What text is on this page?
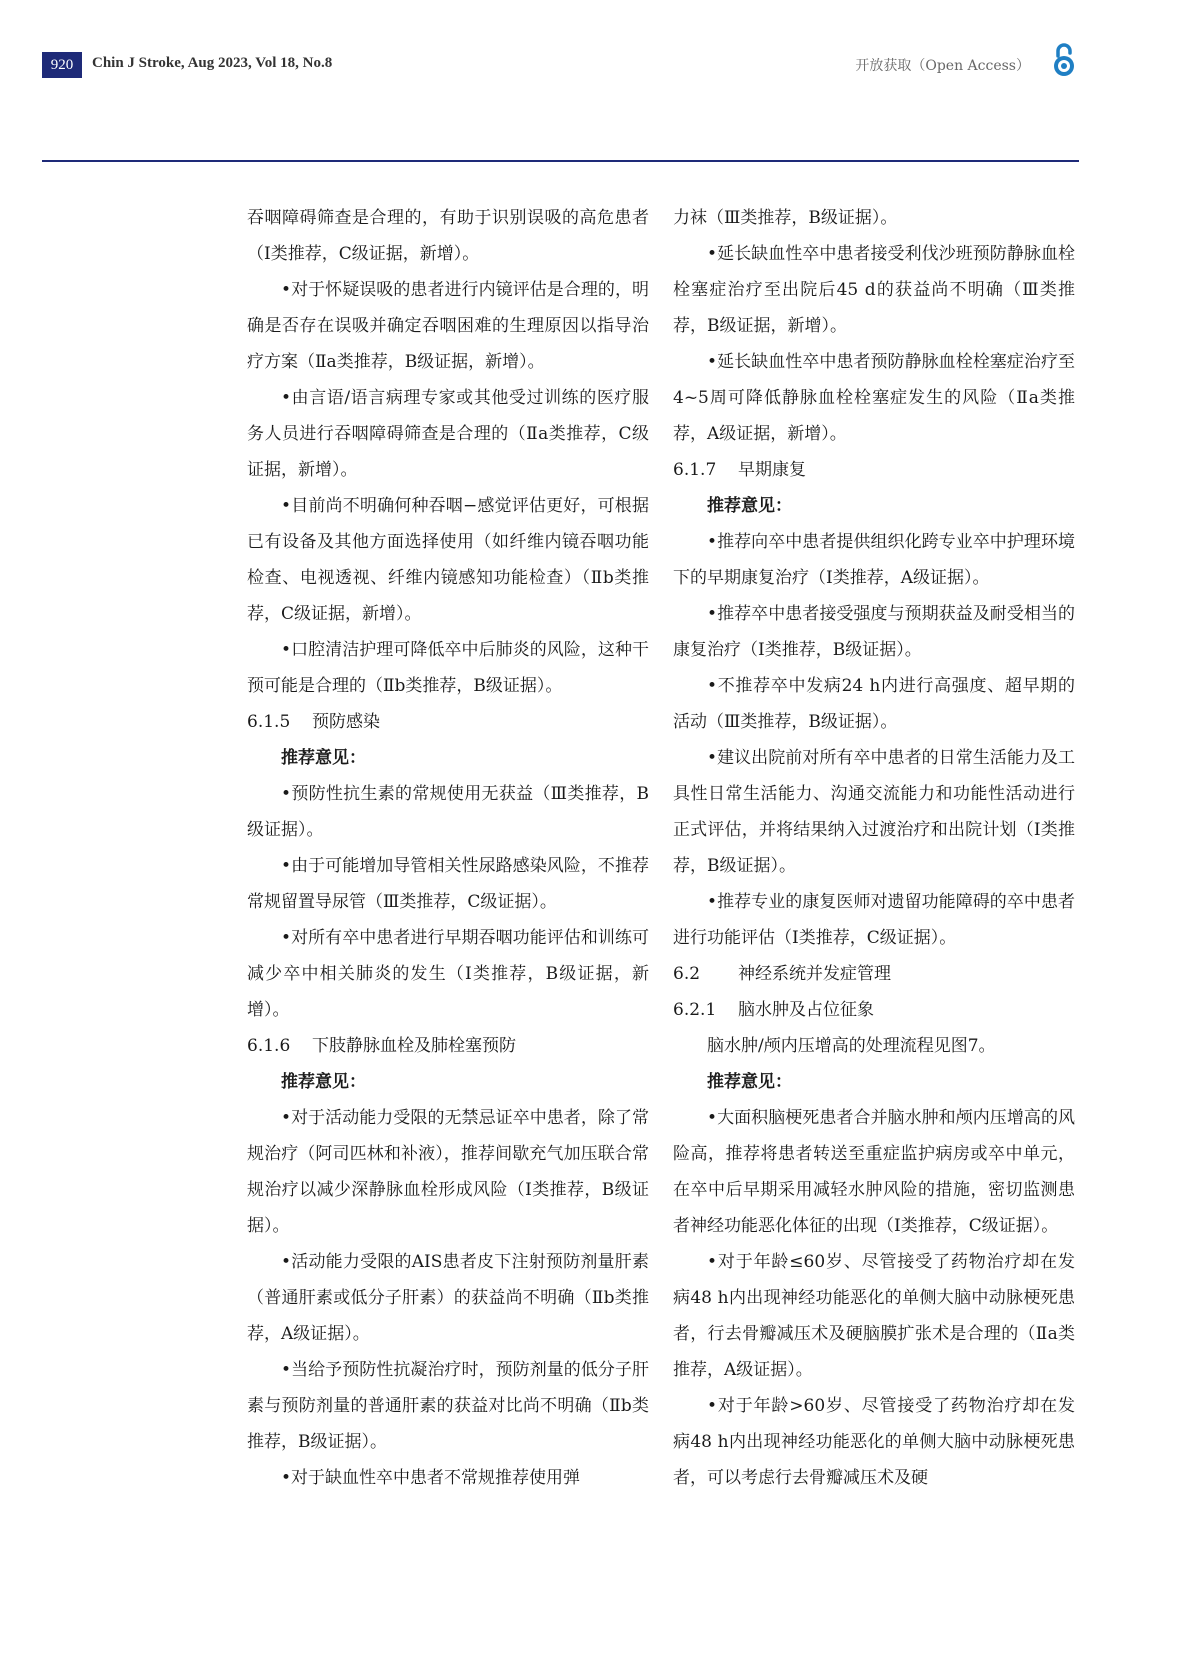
920	Chin J Stroke, Aug 2023, Vol 18, No.8	开放获取（Open Access）

吞咽障碍筛查是合理的，有助于识别误吸的高危患者（Ⅰ类推荐，C级证据，新增）。

•对于怀疑误吸的患者进行内镜评估是合理的，明确是否存在误吸并确定吞咽困难的生理原因以指导治疗方案（Ⅱa类推荐，B级证据，新增）。

•由言语/语言病理专家或其他受过训练的医疗服务人员进行吞咽障碍筛查是合理的（Ⅱa类推荐，C级证据，新增）。

•目前尚不明确何种吞咽−感觉评估更好，可根据已有设备及其他方面选择使用（如纤维内镜吞咽功能检查、电视透视、纤维内镜感知功能检查）（Ⅱb类推荐，C级证据，新增）。

•口腔清洁护理可降低卒中后肺炎的风险，这种干预可能是合理的（Ⅱb类推荐，B级证据）。

6.1.5 预防感染

推荐意见：

•预防性抗生素的常规使用无获益（Ⅲ类推荐，B级证据）。

•由于可能增加导管相关性尿路感染风险，不推荐常规留置导尿管（Ⅲ类推荐，C级证据）。

•对所有卒中患者进行早期吞咽功能评估和训练可减少卒中相关肺炎的发生（Ⅰ类推荐，B级证据，新增）。

6.1.6 下肢静脉血栓及肺栓塞预防

推荐意见：

•对于活动能力受限的无禁忌证卒中患者，除了常规治疗（阿司匹林和补液），推荐间歇充气加压联合常规治疗以减少深静脉血栓形成风险（Ⅰ类推荐，B级证据）。

•活动能力受限的AIS患者皮下注射预防剂量肝素（普通肝素或低分子肝素）的获益尚不明确（Ⅱb类推荐，A级证据）。

•当给予预防性抗凝治疗时，预防剂量的低分子肝素与预防剂量的普通肝素的获益对比尚不明确（Ⅱb类推荐，B级证据）。

•对于缺血性卒中患者不常规推荐使用弹

力袜（Ⅲ类推荐，B级证据）。

•延长缺血性卒中患者接受利伐沙班预防静脉血栓栓塞症治疗至出院后45 d的获益尚不明确（Ⅲ类推荐，B级证据，新增）。

•延长缺血性卒中患者预防静脉血栓栓塞症治疗至4~5周可降低静脉血栓栓塞症发生的风险（Ⅱa类推荐，A级证据，新增）。

6.1.7 早期康复

推荐意见：

•推荐向卒中患者提供组织化跨专业卒中护理环境下的早期康复治疗（Ⅰ类推荐，A级证据）。

•推荐卒中患者接受强度与预期获益及耐受相当的康复治疗（Ⅰ类推荐，B级证据）。

•不推荐卒中发病24 h内进行高强度、超早期的活动（Ⅲ类推荐，B级证据）。

•建议出院前对所有卒中患者的日常生活能力及工具性日常生活能力、沟通交流能力和功能性活动进行正式评估，并将结果纳入过渡治疗和出院计划（Ⅰ类推荐，B级证据）。

•推荐专业的康复医师对遗留功能障碍的卒中患者进行功能评估（Ⅰ类推荐，C级证据）。

6.2 神经系统并发症管理

6.2.1 脑水肿及占位征象

脑水肿/颅内压增高的处理流程见图7。

推荐意见：

•大面积脑梗死患者合并脑水肿和颅内压增高的风险高，推荐将患者转送至重症监护病房或卒中单元，在卒中后早期采用减轻水肿风险的措施，密切监测患者神经功能恶化体征的出现（Ⅰ类推荐，C级证据）。

•对于年龄≤60岁、尽管接受了药物治疗却在发病48 h内出现神经功能恶化的单侧大脑中动脉梗死患者，行去骨瓣减压术及硬脑膜扩张术是合理的（Ⅱa类推荐，A级证据）。

•对于年龄>60岁、尽管接受了药物治疗却在发病48 h内出现神经功能恶化的单侧大脑中动脉梗死患者，可以考虑行去骨瓣减压术及硬
